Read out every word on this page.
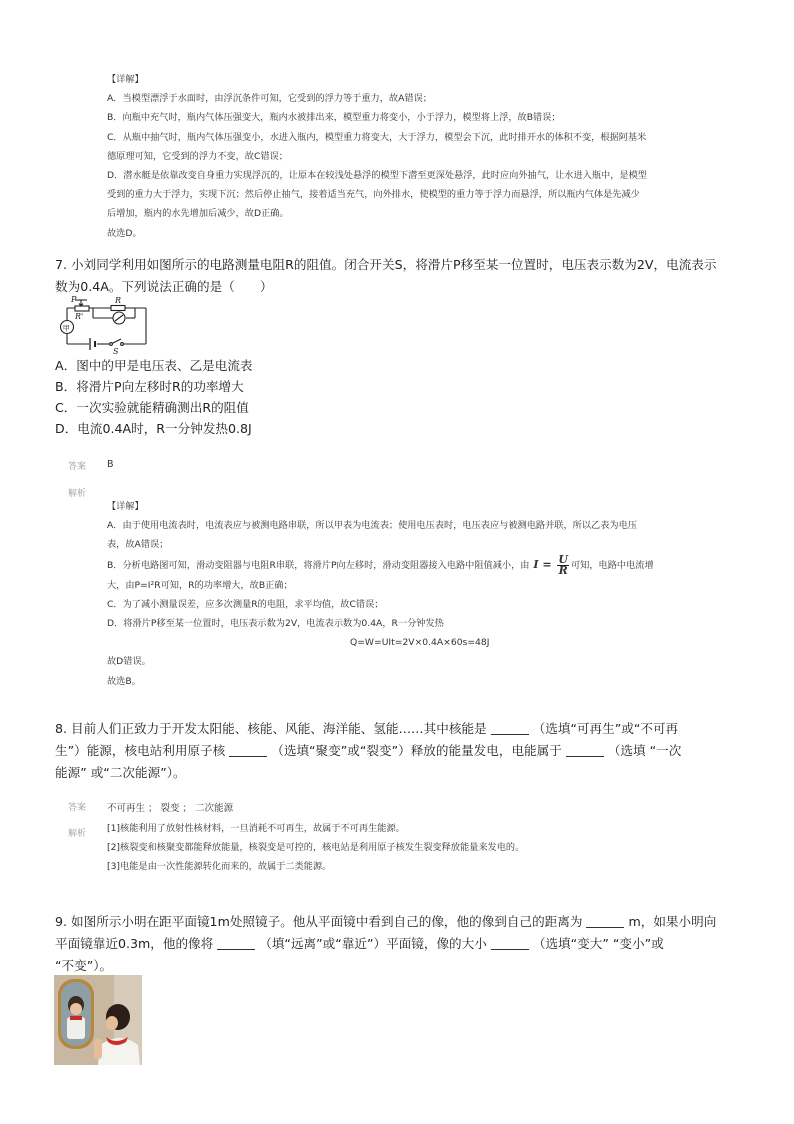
【详解】
A．当模型漂浮于水面时，由浮沉条件可知，它受到的浮力等于重力，故A错误；
B．向瓶中充气时，瓶内气体压强变大，瓶内水被排出来，模型重力将变小，小于浮力，模型将上浮，故B错误；
C．从瓶中抽气时，瓶内气体压强变小，水进入瓶内，模型重力将变大，大于浮力，模型会下沉，此时排开水的体积不变，根据阿基米
德原理可知，它受到的浮力不变，故C错误；
D．潜水艇是依靠改变自身重力实现浮沉的，让原本在较浅处悬浮的模型下潜至更深处悬浮，此时应向外抽气，让水进入瓶中，是模型
受到的重力大于浮力，实现下沉；然后停止抽气，接着适当充气，向外排水，使模型的重力等于浮力而悬浮，所以瓶内气体是先减少
后增加，瓶内的水先增加后减少，故D正确。
故选D。
7. 小刘同学利用如图所示的电路测量电阻R的阻值。闭合开关S，将滑片P移至某一位置时，电压表示数为2V，电流表示
数为0.4A。下列说法正确的是（　　）
P	R
R'
S
甲
A．图中的甲是电压表、乙是电流表
B．将滑片P向左移时R的功率增大
C．一次实验就能精确测出R的阻值
D．电流0.4A时，R一分钟发热0.8J
答案 B
解析
【详解】
A．由于使用电流表时，电流表应与被测电路串联，所以甲表为电流表；使用电压表时，电压表应与被测电路并联，所以乙表为电压
表，故A错误；
B．分析电路图可知，滑动变阻器与电阻R串联，将滑片P向左移时，滑动变阻器接入电路中阻值减小，由 $I = \frac{U}{R}$ 可知，电路中电流增
大，由P=I²R可知，R的功率增大，故B正确；
C．为了减小测量误差，应多次测量R的电阻，求平均值，故C错误；
D．将滑片P移至某一位置时，电压表示数为2V，电流表示数为0.4A，R一分钟发热
Q=W=UIt=2V×0.4A×60s=48J
故D错误。
故选B。
8. 目前人们正致力于开发太阳能、核能、风能、海洋能、氢能……其中核能是	（选填“可再生”或“不可再
生”）能源，核电站利用原子核	（选填“聚变”或“裂变”）释放的能量发电，电能属于	（选填 “一次
能源” 或“二次能源”）。
答案 不可再生 ； 裂变 ； 二次能源
解析 [1]核能利用了放射性核材料，一旦消耗不可再生，故属于不可再生能源。
[2]核裂变和核聚变都能释放能量，核裂变是可控的，核电站是利用原子核发生裂变释放能量来发电的。
[3]电能是由一次性能源转化而来的，故属于二类能源。
9. 如图所示小明在距平面镜1m处照镜子。他从平面镜中看到自己的像，他的像到自己的距离为	m，如果小明向
平面镜靠近0.3m，他的像将	（填“远离”或“靠近”）平面镜，像的大小	（选填“变大” “变小”或
“不变”）。
